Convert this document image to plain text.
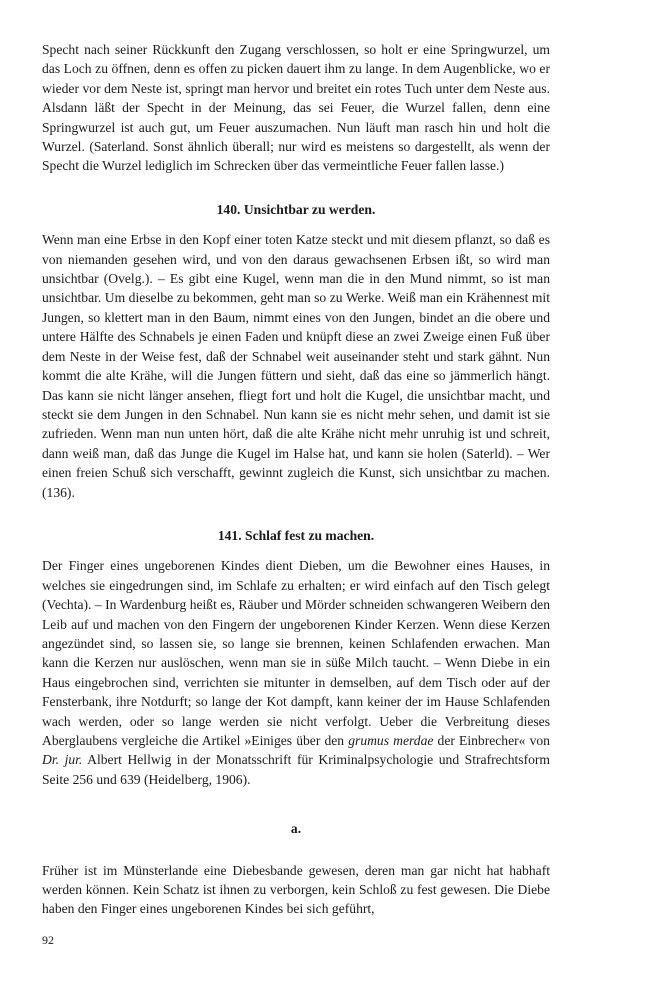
Specht nach seiner Rückkunft den Zugang verschlossen, so holt er eine Springwurzel, um das Loch zu öffnen, denn es offen zu picken dauert ihm zu lange. In dem Augenblicke, wo er wieder vor dem Neste ist, springt man hervor und breitet ein rotes Tuch unter dem Neste aus. Alsdann läßt der Specht in der Meinung, das sei Feuer, die Wurzel fallen, denn eine Springwurzel ist auch gut, um Feuer auszumachen. Nun läuft man rasch hin und holt die Wurzel. (Saterland. Sonst ähnlich überall; nur wird es meistens so dargestellt, als wenn der Specht die Wurzel lediglich im Schrecken über das vermeintliche Feuer fallen lasse.)

140. Unsichtbar zu werden.

Wenn man eine Erbse in den Kopf einer toten Katze steckt und mit diesem pflanzt, so daß es von niemanden gesehen wird, und von den daraus gewachsenen Erbsen ißt, so wird man unsichtbar (Ovelg.). – Es gibt eine Kugel, wenn man die in den Mund nimmt, so ist man unsichtbar. Um dieselbe zu bekommen, geht man so zu Werke. Weiß man ein Krähennest mit Jungen, so klettert man in den Baum, nimmt eines von den Jungen, bindet an die obere und untere Hälfte des Schnabels je einen Faden und knüpft diese an zwei Zweige einen Fuß über dem Neste in der Weise fest, daß der Schnabel weit auseinander steht und stark gähnt. Nun kommt die alte Krähe, will die Jungen füttern und sieht, daß das eine so jämmerlich hängt. Das kann sie nicht länger ansehen, fliegt fort und holt die Kugel, die unsichtbar macht, und steckt sie dem Jungen in den Schnabel. Nun kann sie es nicht mehr sehen, und damit ist sie zufrieden. Wenn man nun unten hört, daß die alte Krähe nicht mehr unruhig ist und schreit, dann weiß man, daß das Junge die Kugel im Halse hat, und kann sie holen (Saterld). – Wer einen freien Schuß sich verschafft, gewinnt zugleich die Kunst, sich unsichtbar zu machen. (136).

141. Schlaf fest zu machen.

Der Finger eines ungeborenen Kindes dient Dieben, um die Bewohner eines Hauses, in welches sie eingedrungen sind, im Schlafe zu erhalten; er wird einfach auf den Tisch gelegt (Vechta). – In Wardenburg heißt es, Räuber und Mörder schneiden schwangeren Weibern den Leib auf und machen von den Fingern der ungeborenen Kinder Kerzen. Wenn diese Kerzen angezündet sind, so lassen sie, so lange sie brennen, keinen Schlafenden erwachen. Man kann die Kerzen nur auslöschen, wenn man sie in süße Milch taucht. – Wenn Diebe in ein Haus eingebrochen sind, verrichten sie mitunter in demselben, auf dem Tisch oder auf der Fensterbank, ihre Notdurft; so lange der Kot dampft, kann keiner der im Hause Schlafenden wach werden, oder so lange werden sie nicht verfolgt. Ueber die Verbreitung dieses Aberglaubens vergleiche die Artikel »Einiges über den grumus merdae der Einbrecher« von Dr. jur. Albert Hellwig in der Monatsschrift für Kriminalpsychologie und Strafrechtsform Seite 256 und 639 (Heidelberg, 1906).

a.

Früher ist im Münsterlande eine Diebesbande gewesen, deren man gar nicht hat habhaft werden können. Kein Schatz ist ihnen zu verborgen, kein Schloß zu fest gewesen. Die Diebe haben den Finger eines ungeborenen Kindes bei sich geführt,

92
